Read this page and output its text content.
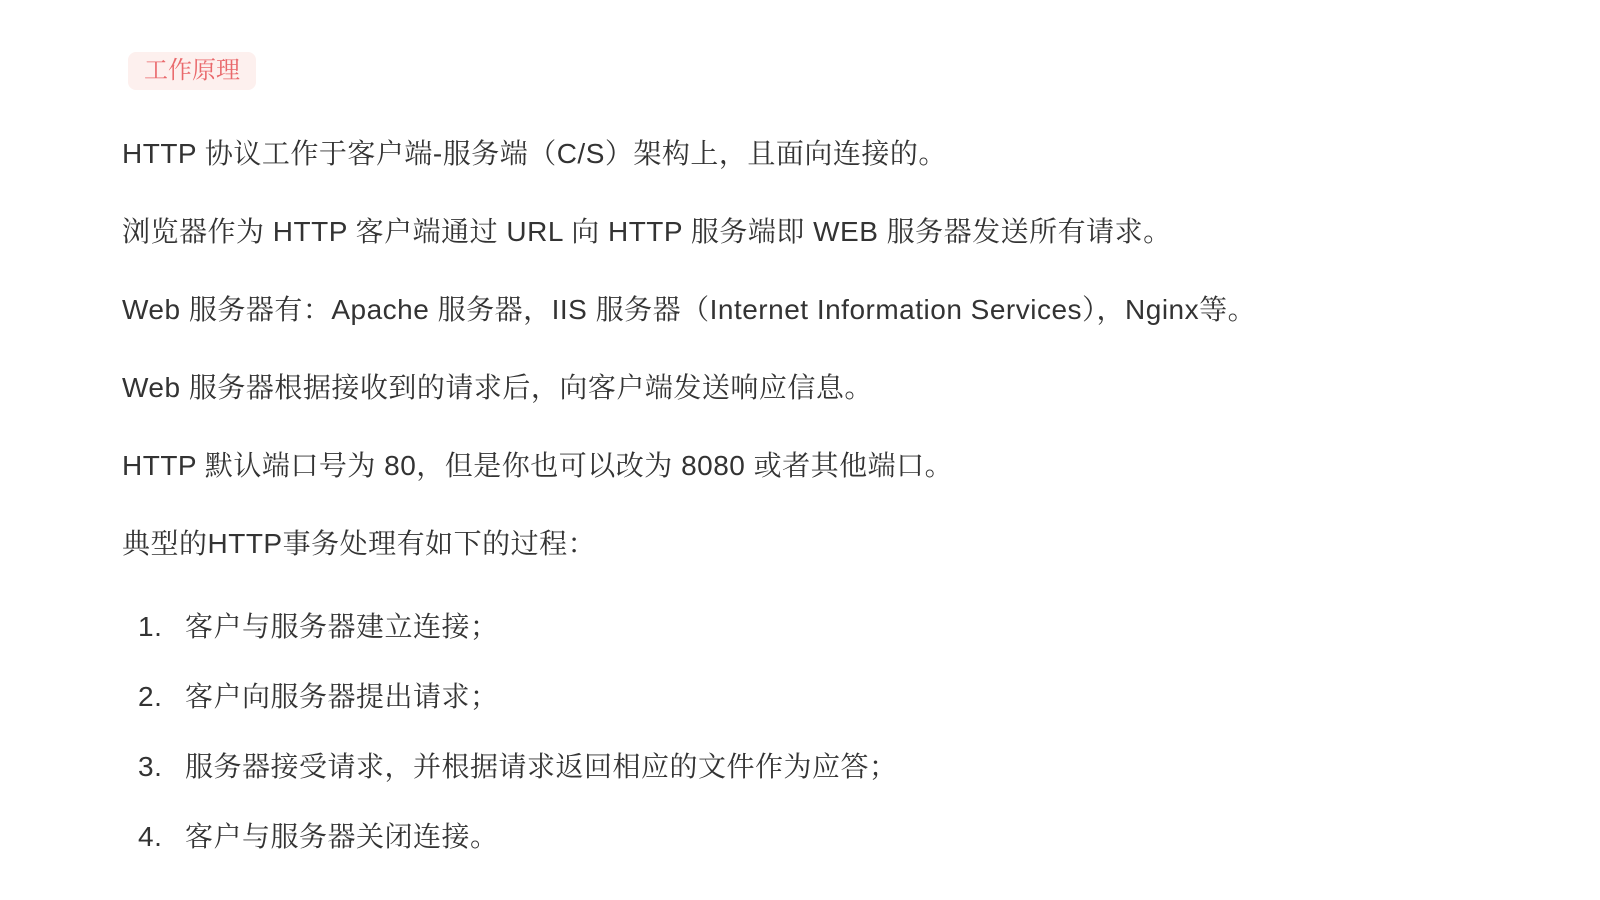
工作原理

HTTP 协议工作于客户端-服务端（C/S）架构上，且面向连接的。

浏览器作为 HTTP 客户端通过 URL 向 HTTP 服务端即 WEB 服务器发送所有请求。

Web 服务器有：Apache 服务器，IIS 服务器（Internet Information Services），Nginx等。

Web 服务器根据接收到的请求后，向客户端发送响应信息。

HTTP 默认端口号为 80，但是你也可以改为 8080 或者其他端口。

典型的HTTP事务处理有如下的过程：

1. 客户与服务器建立连接；
2. 客户向服务器提出请求；
3. 服务器接受请求，并根据请求返回相应的文件作为应答；
4. 客户与服务器关闭连接。
